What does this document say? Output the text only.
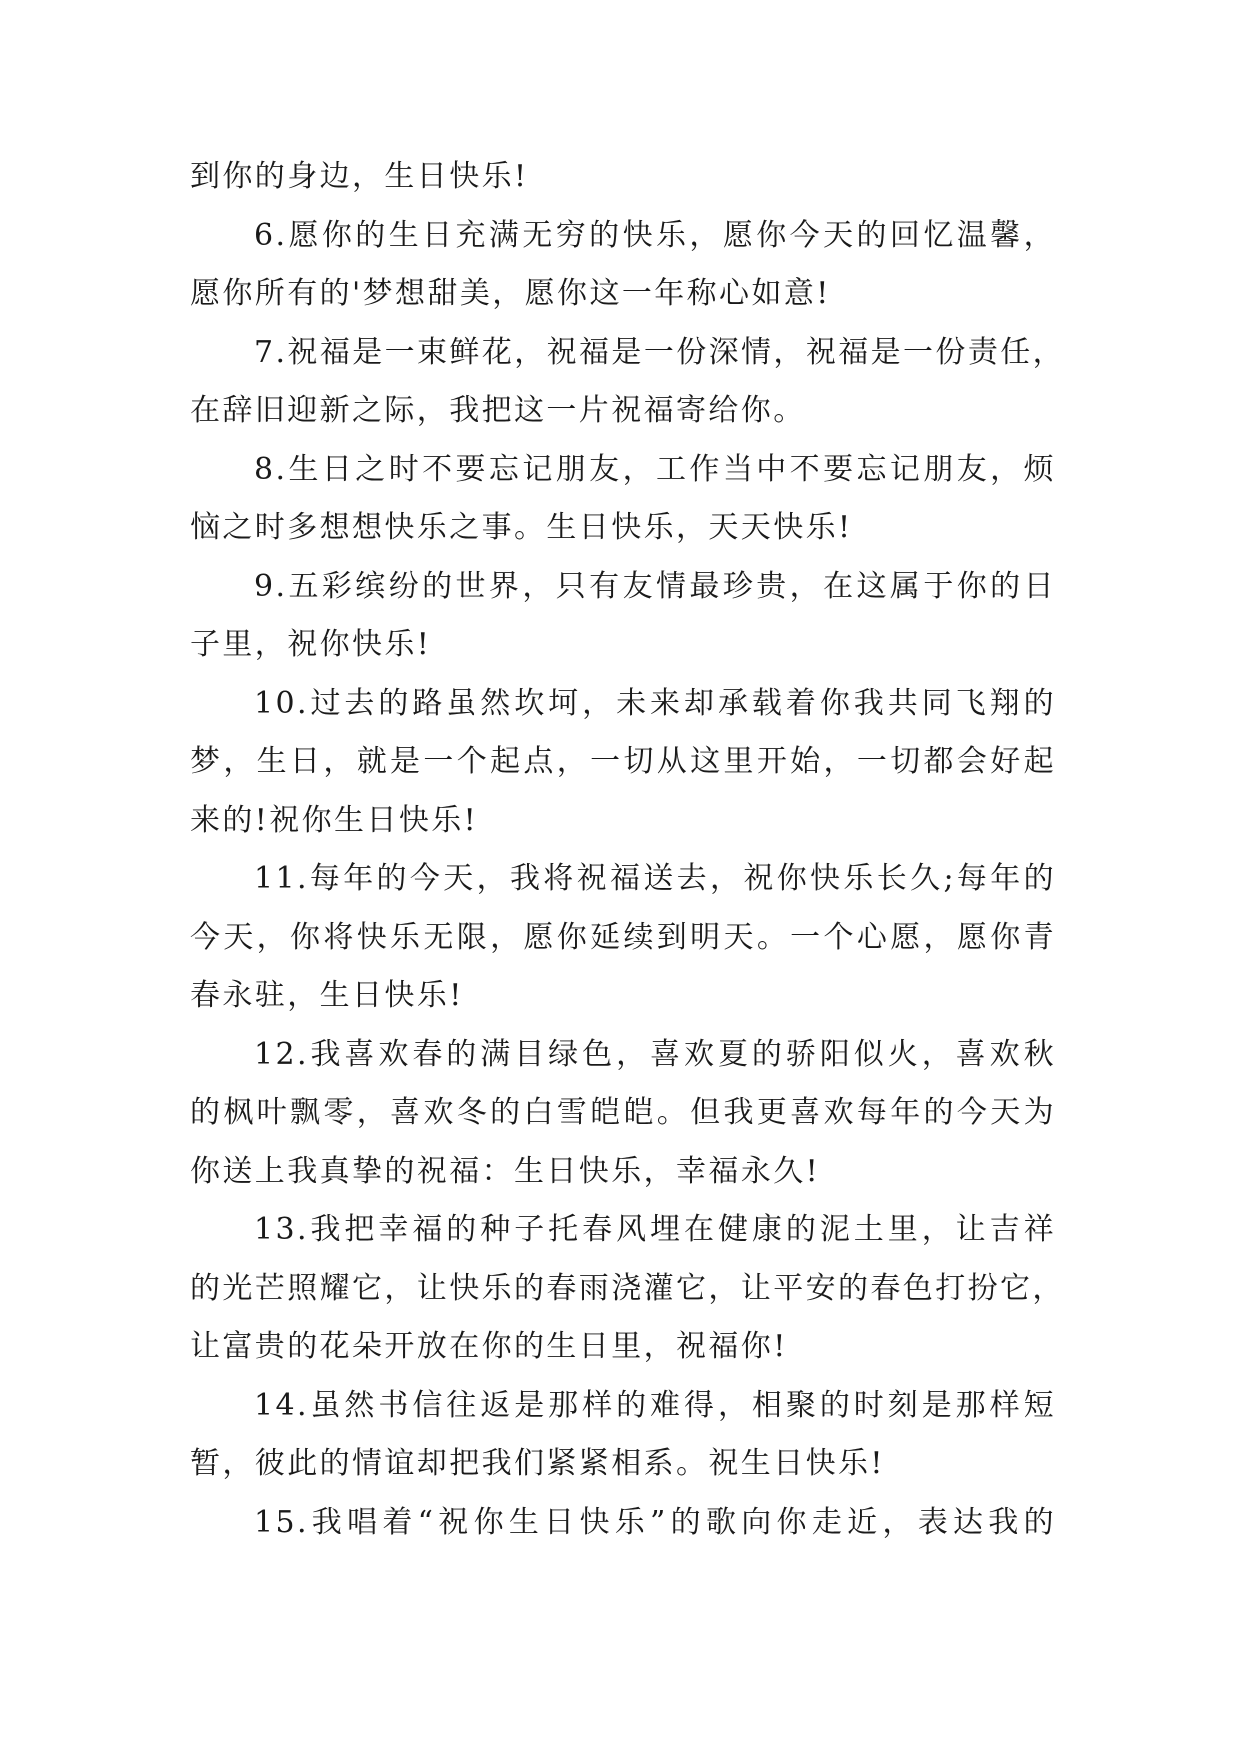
到你的身边，生日快乐!
6.愿你的生日充满无穷的快乐，愿你今天的回忆温馨，
愿你所有的'梦想甜美，愿你这一年称心如意!
7.祝福是一束鲜花，祝福是一份深情，祝福是一份责任，
在辞旧迎新之际，我把这一片祝福寄给你。
8.生日之时不要忘记朋友，工作当中不要忘记朋友，烦
恼之时多想想快乐之事。生日快乐，天天快乐!
9.五彩缤纷的世界，只有友情最珍贵，在这属于你的日
子里，祝你快乐!
10.过去的路虽然坎坷，未来却承载着你我共同飞翔的
梦，生日，就是一个起点，一切从这里开始，一切都会好起
来的!祝你生日快乐!
11.每年的今天，我将祝福送去，祝你快乐长久;每年的
今天，你将快乐无限，愿你延续到明天。一个心愿，愿你青
春永驻，生日快乐!
12.我喜欢春的满目绿色，喜欢夏的骄阳似火，喜欢秋
的枫叶飘零，喜欢冬的白雪皑皑。但我更喜欢每年的今天为
你送上我真挚的祝福：生日快乐，幸福永久!
13.我把幸福的种子托春风埋在健康的泥土里，让吉祥
的光芒照耀它，让快乐的春雨浇灌它，让平安的春色打扮它，
让富贵的花朵开放在你的生日里，祝福你!
14.虽然书信往返是那样的难得，相聚的时刻是那样短
暂，彼此的情谊却把我们紧紧相系。祝生日快乐!
15.我唱着“祝你生日快乐”的歌向你走近，表达我的
